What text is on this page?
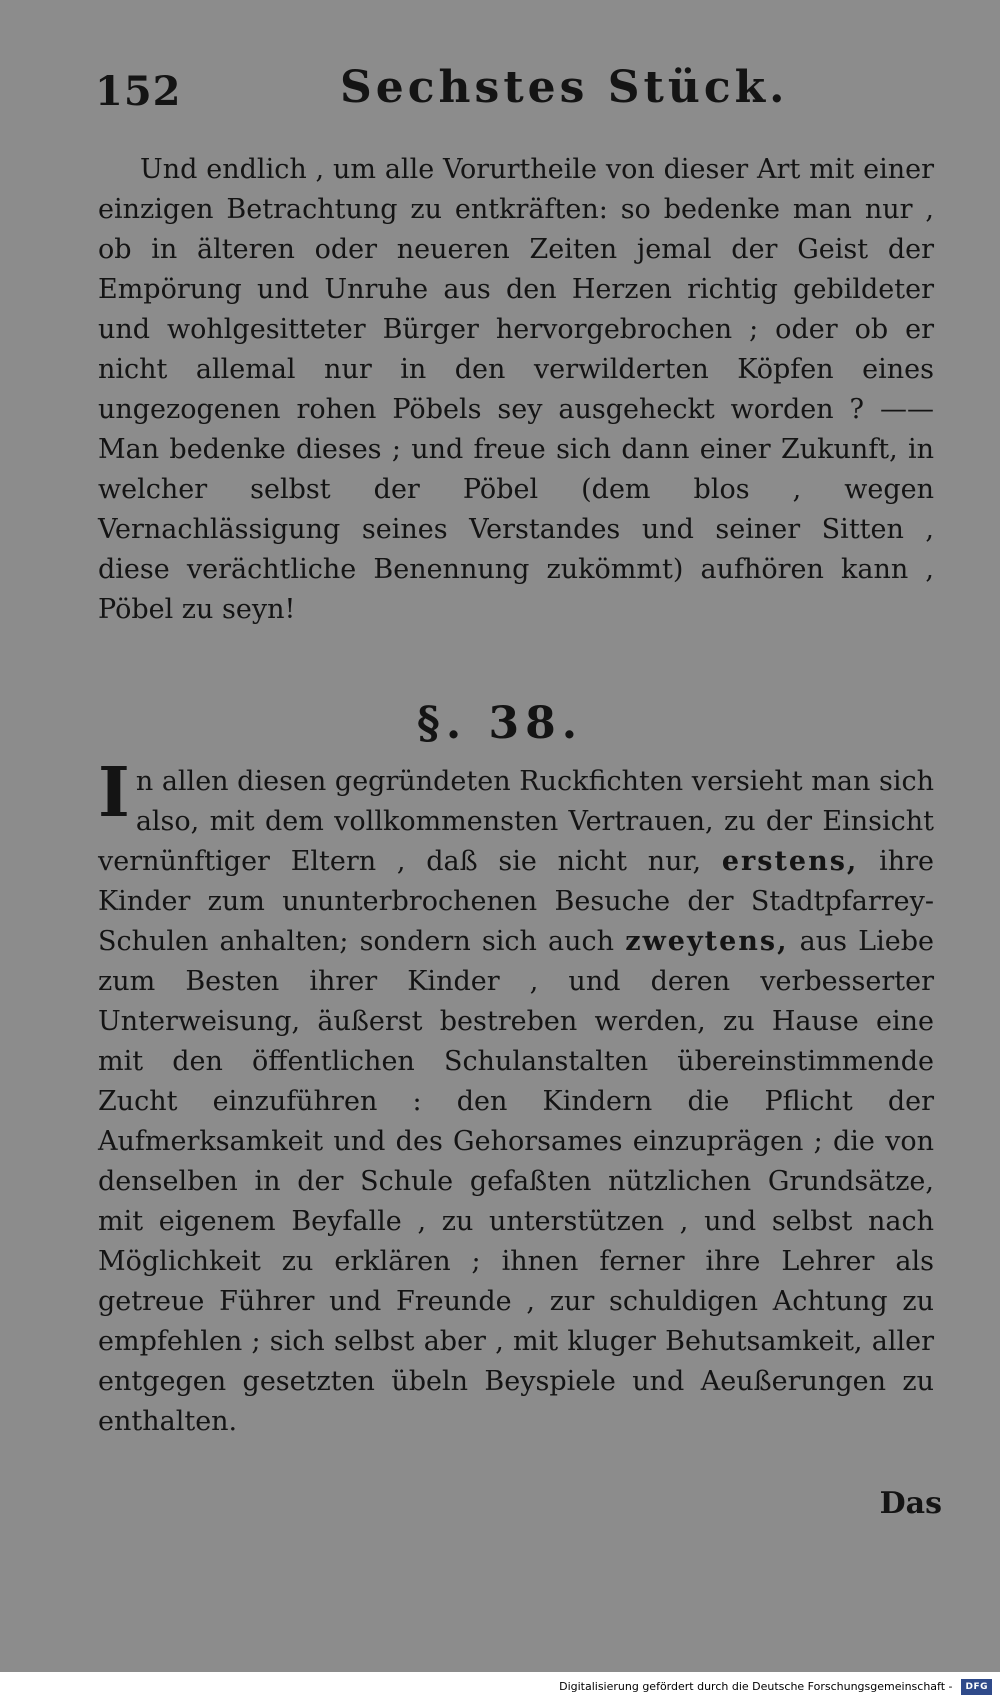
152	Sechstes Stück.
Und endlich , um alle Vorurtheile von dieser Art mit einer einzigen Betrachtung zu entkräften: so bedenke man nur , ob in älteren oder neueren Zeiten jemal der Geist der Empörung und Unruhe aus den Herzen richtig gebildeter und wohlgesitteter Bürger hervorgebrochen ; oder ob er nicht allemal nur in den verwilderten Köpfen eines ungezogenen rohen Pöbels sey ausgeheckt worden ? —— Man bedenke dieses ; und freue sich dann einer Zukunft, in welcher selbst der Pöbel (dem blos , wegen Vernachlässigung seines Verstandes und seiner Sitten , diese verächtliche Benennung zukömmt) aufhören kann , Pöbel zu seyn!
§. 38.
In allen diesen gegründeten Ruckfichten versieht man sich also, mit dem vollkommensten Vertrauen, zu der Einsicht vernünftiger Eltern , daß sie nicht nur, erstens, ihre Kinder zum ununterbrochenen Besuche der Stadtpfarrey-Schulen anhalten; sondern sich auch zweytens, aus Liebe zum Besten ihrer Kinder , und deren verbesserter Unterweisung, äußerst bestreben werden, zu Hause eine mit den öffentlichen Schulanstalten übereinstimmende Zucht einzuführen : den Kindern die Pflicht der Aufmerksamkeit und des Gehorsames einzuprägen ; die von denselben in der Schule gefaßten nützlichen Grundsätze, mit eigenem Beyfalle , zu unterstützen , und selbst nach Möglichkeit zu erklären ; ihnen ferner ihre Lehrer als getreue Führer und Freunde , zur schuldigen Achtung zu empfehlen ; sich selbst aber , mit kluger Behutsamkeit, aller entgegen gesetzten übeln Beyspiele und Aeußerungen zu enthalten.
Das
Digitalisierung gefördert durch die Deutsche Forschungsgemeinschaft -	DFG
